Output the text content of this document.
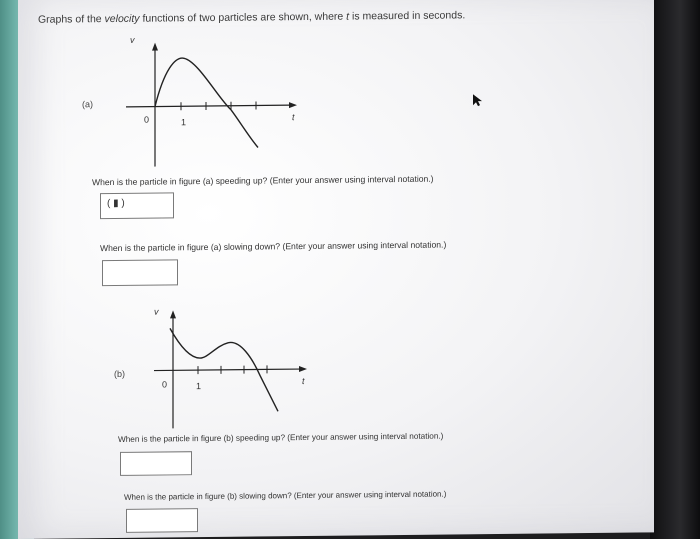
Graphs of the velocity functions of two particles are shown, where t is measured in seconds.
(a)
v
0	1
t
When is the particle in figure (a) speeding up? (Enter your answer using interval notation.)
( ▮ )
When is the particle in figure (a) slowing down? (Enter your answer using interval notation.)
(b)
v
0	1
t
When is the particle in figure (b) speeding up? (Enter your answer using interval notation.)
When is the particle in figure (b) slowing down? (Enter your answer using interval notation.)
